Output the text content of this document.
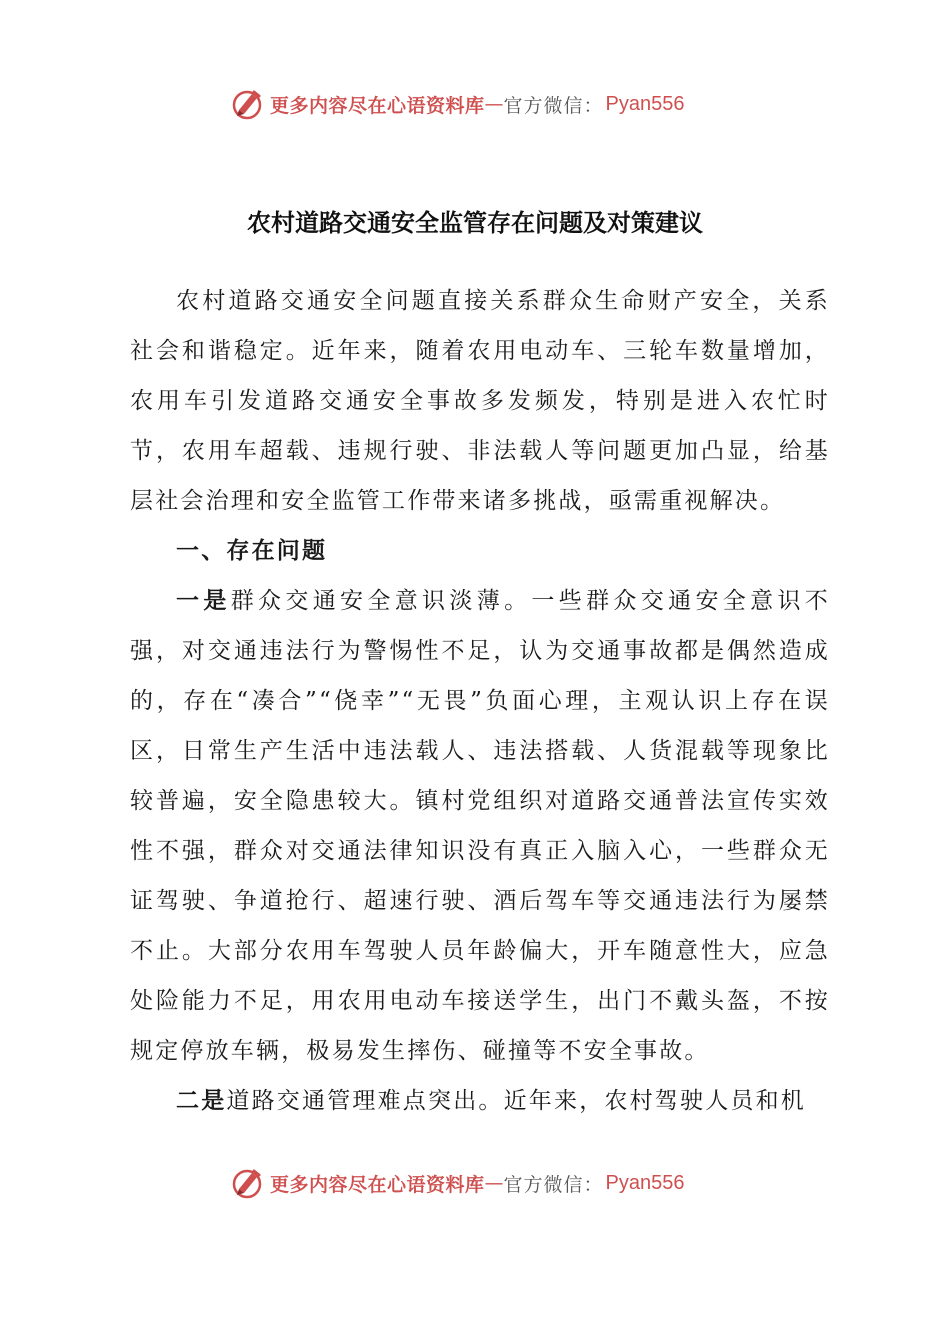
更多内容尽在心语资料库 — 官方微信： Pyan556
农村道路交通安全监管存在问题及对策建议

农村道路交通安全问题直接关系群众生命财产安全，关系社会和谐稳定。近年来，随着农用电动车、三轮车数量增加，农用车引发道路交通安全事故多发频发，特别是进入农忙时节，农用车超载、违规行驶、非法载人等问题更加凸显，给基层社会治理和安全监管工作带来诸多挑战，亟需重视解决。

一、存在问题

一是群众交通安全意识淡薄。一些群众交通安全意识不强，对交通违法行为警惕性不足，认为交通事故都是偶然造成的，存在“凑合”“侥幸”“无畏”负面心理，主观认识上存在误区，日常生产生活中违法载人、违法搭载、人货混载等现象比较普遍，安全隐患较大。镇村党组织对道路交通普法宣传实效性不强，群众对交通法律知识没有真正入脑入心，一些群众无证驾驶、争道抢行、超速行驶、酒后驾车等交通违法行为屡禁不止。大部分农用车驾驶人员年龄偏大，开车随意性大，应急处险能力不足，用农用电动车接送学生，出门不戴头盔，不按规定停放车辆，极易发生摔伤、碰撞等不安全事故。

二是道路交通管理难点突出。近年来，农村驾驶人员和机

更多内容尽在心语资料库 — 官方微信： Pyan556
